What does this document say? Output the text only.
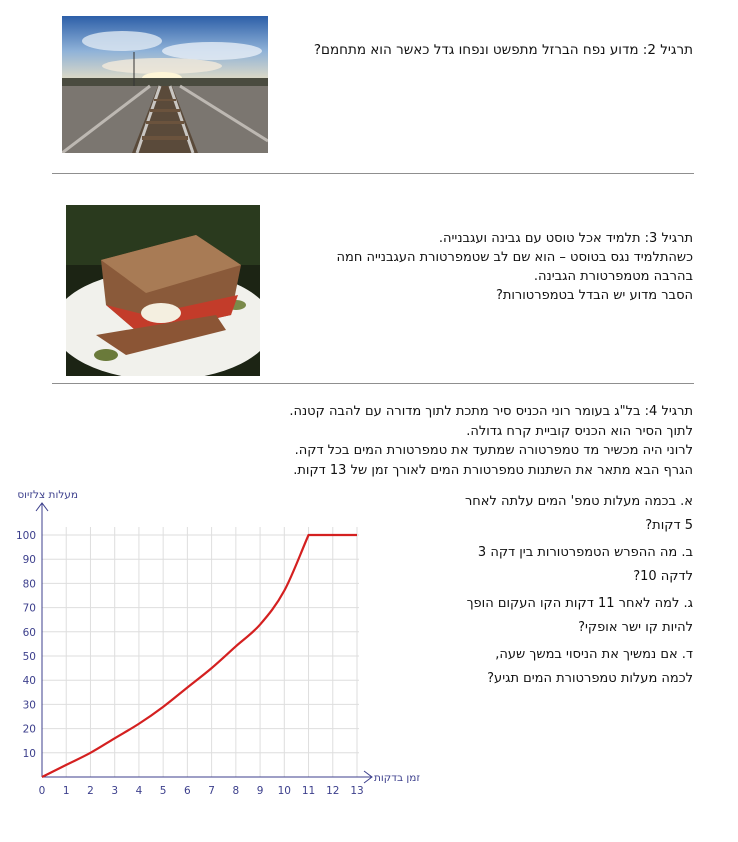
תרגיל 2: מדוע נפח הברזל מתפשט ונפחו גדל כאשר הוא מתחמם?
תרגיל 3: תלמיד אכל טוסט עם גבינה ועגבנייה.
כשהתלמיד נגס בטוסט – הוא שם לב שטמפרטורת העגבנייה חמה
בהרבה מטמפרטורת הגבינה.
הסבר מדוע יש הבדל בטמפרטורות?
תרגיל 4: בל"ג בעומר רוני הכניס סיר מתכת לתוך מדורה עם להבה קטנה.
לתוך הסיר הוא הכניס קוביית קרח גדולה.
לרוני היה מכשיר מד טמפרטורה שמתעד את טמפרטורת המים בכל דקה.
הגרף הבא מתאר את השתנות טמפרטורת המים לאורך זמן של 13 דקות.
א. בכמה מעלות טמפ' המים עלתה לאחר
5 דקות?
ב. מה ההפרש הטמפרטורות בין דקה 3
לדקה 10?
ג. למה לאחר 11 דקות הקו העקום הופך
להיות קו ישר אופקי?
ד. אם נמשיך את הניסוי במשך שעה,
לכמה מעלות טמפרטורת המים תגיע?
0 1 2 3 4 5 6 7 8 9 10 11 12 13
10
20
30
40
50
60
70
80
90
100
מעלות צלזיוס
זמן בדקות
